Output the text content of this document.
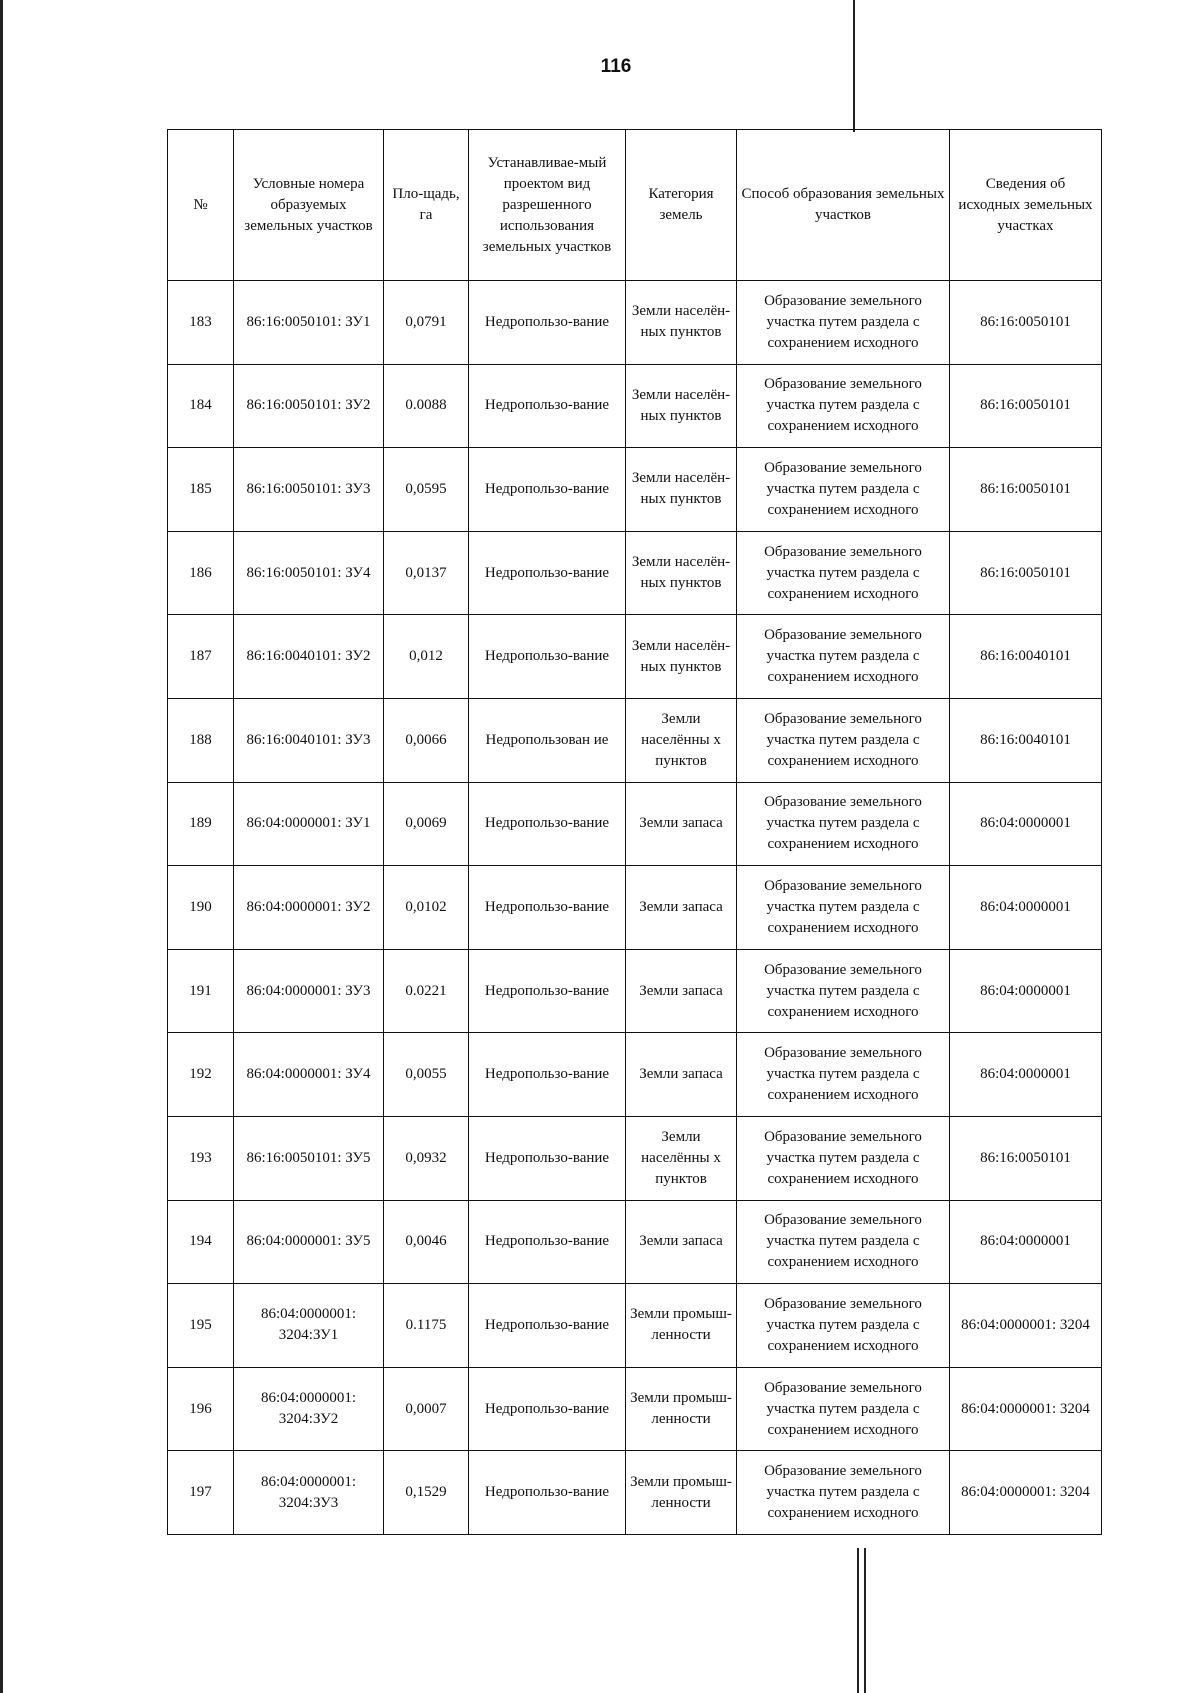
116
№	Условные номера образуемых земельных участков	Пло-щадь, га	Устанавливае-мый проектом вид разрешенного использования земельных участков	Категория земель	Способ образования земельных участков	Сведения об исходных земельных участках
183	86:16:0050101: ЗУ1	0,0791	Недропользо-вание	Земли населён-ных пунктов	Образование земельного участка путем раздела с сохранением исходного	86:16:0050101
184	86:16:0050101: ЗУ2	0.0088	Недропользо-вание	Земли населён-ных пунктов	Образование земельного участка путем раздела с сохранением исходного	86:16:0050101
185	86:16:0050101: ЗУ3	0,0595	Недропользо-вание	Земли населён-ных пунктов	Образование земельного участка путем раздела с сохранением исходного	86:16:0050101
186	86:16:0050101: ЗУ4	0,0137	Недропользо-вание	Земли населён-ных пунктов	Образование земельного участка путем раздела с сохранением исходного	86:16:0050101
187	86:16:0040101: ЗУ2	0,012	Недропользо-вание	Земли населён-ных пунктов	Образование земельного участка путем раздела с сохранением исходного	86:16:0040101
188	86:16:0040101: ЗУ3	0,0066	Недропользован ие	Земли населённы х пунктов	Образование земельного участка путем раздела с сохранением исходного	86:16:0040101
189	86:04:0000001: ЗУ1	0,0069	Недропользо-вание	Земли запаса	Образование земельного участка путем раздела с сохранением исходного	86:04:0000001
190	86:04:0000001: ЗУ2	0,0102	Недропользо-вание	Земли запаса	Образование земельного участка путем раздела с сохранением исходного	86:04:0000001
191	86:04:0000001: ЗУ3	0.0221	Недропользо-вание	Земли запаса	Образование земельного участка путем раздела с сохранением исходного	86:04:0000001
192	86:04:0000001: ЗУ4	0,0055	Недропользо-вание	Земли запаса	Образование земельного участка путем раздела с сохранением исходного	86:04:0000001
193	86:16:0050101: ЗУ5	0,0932	Недропользо-вание	Земли населённы х пунктов	Образование земельного участка путем раздела с сохранением исходного	86:16:0050101
194	86:04:0000001: ЗУ5	0,0046	Недропользо-вание	Земли запаса	Образование земельного участка путем раздела с сохранением исходного	86:04:0000001
195	86:04:0000001: 3204:ЗУ1	0.1175	Недропользо-вание	Земли промыш-ленности	Образование земельного участка путем раздела с сохранением исходного	86:04:0000001: 3204
196	86:04:0000001: 3204:ЗУ2	0,0007	Недропользо-вание	Земли промыш-ленности	Образование земельного участка путем раздела с сохранением исходного	86:04:0000001: 3204
197	86:04:0000001: 3204:ЗУ3	0,1529	Недропользо-вание	Земли промыш-ленности	Образование земельного участка путем раздела с сохранением исходного	86:04:0000001: 3204
